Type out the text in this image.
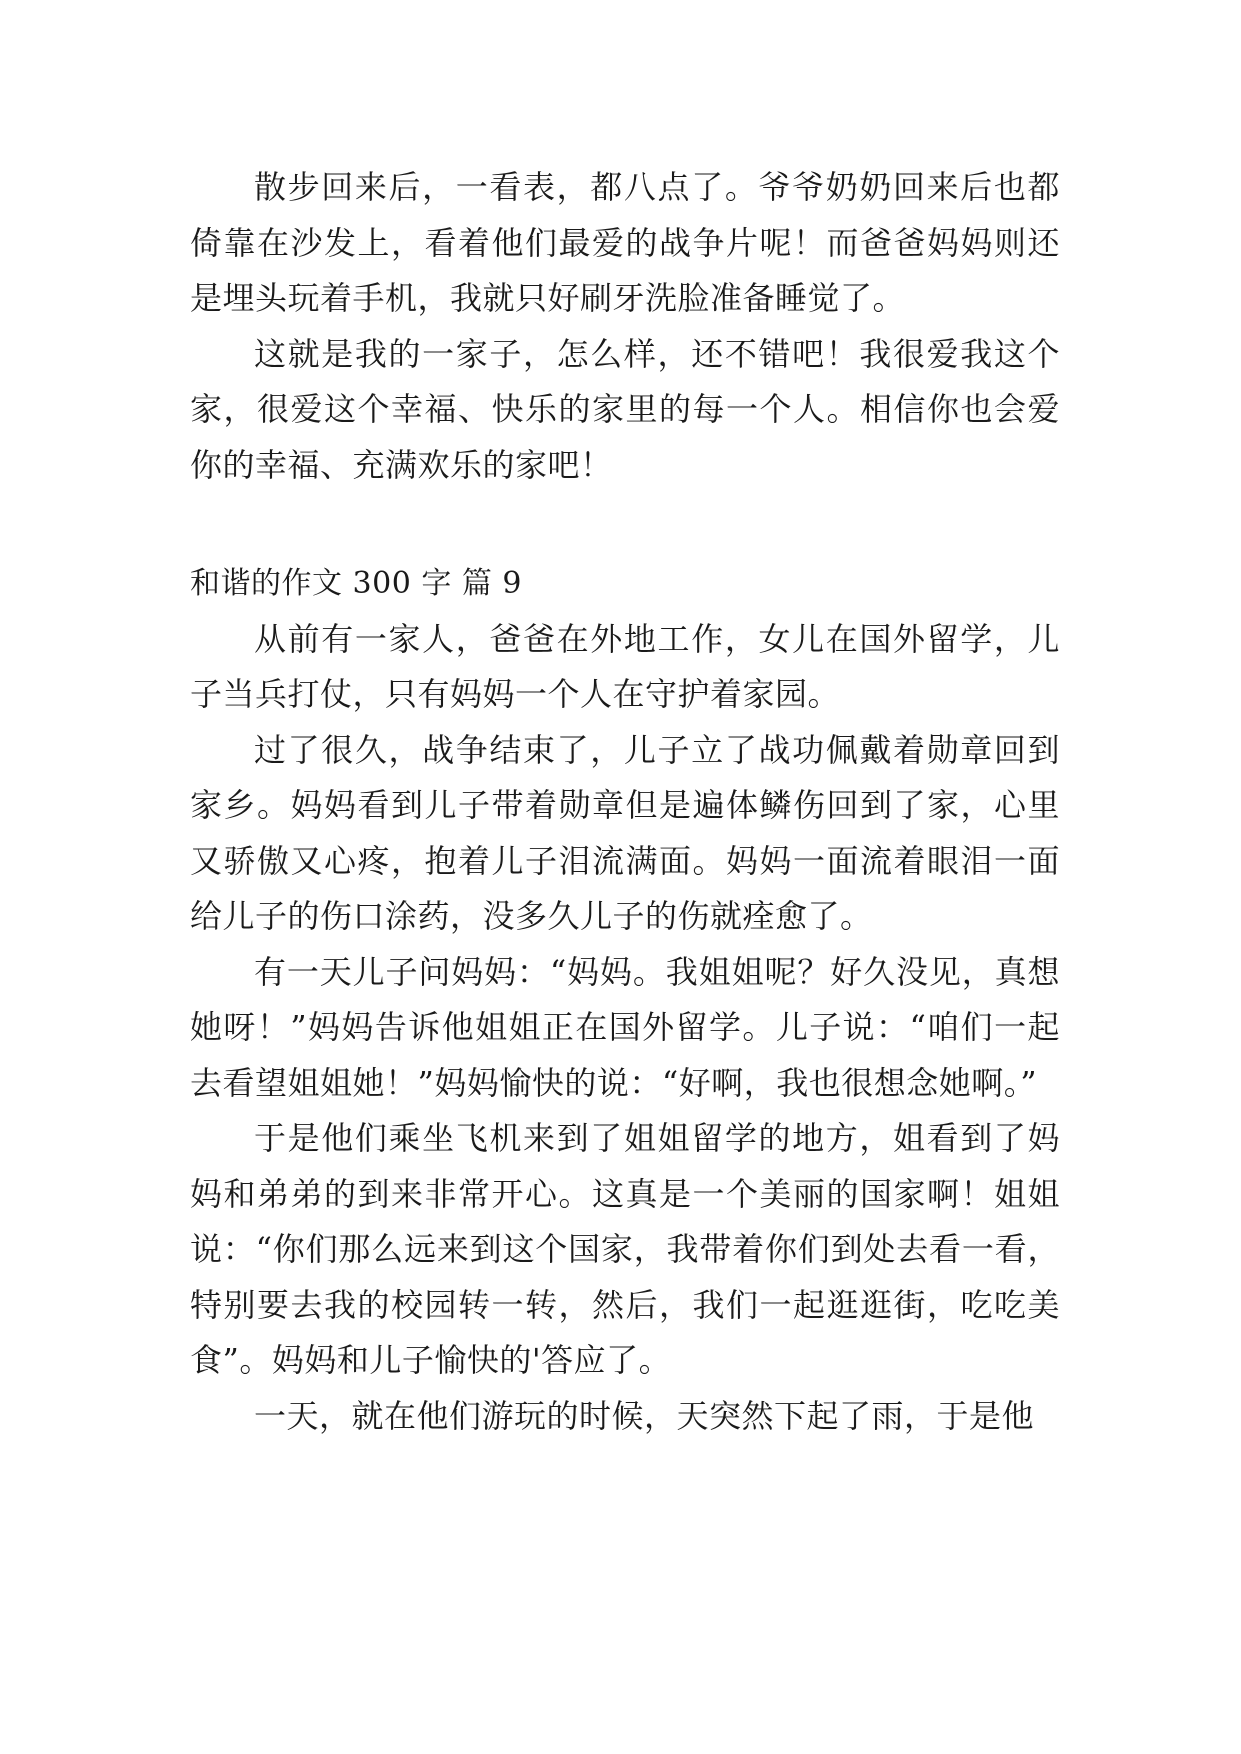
散步回来后，一看表，都八点了。爷爷奶奶回来后也都倚靠在沙发上，看着他们最爱的战争片呢！而爸爸妈妈则还是埋头玩着手机，我就只好刷牙洗脸准备睡觉了。

这就是我的一家子，怎么样，还不错吧！我很爱我这个家，很爱这个幸福、快乐的家里的每一个人。相信你也会爱你的幸福、充满欢乐的家吧！

和谐的作文 300 字 篇 9

从前有一家人，爸爸在外地工作，女儿在国外留学，儿子当兵打仗，只有妈妈一个人在守护着家园。

过了很久，战争结束了，儿子立了战功佩戴着勋章回到家乡。妈妈看到儿子带着勋章但是遍体鳞伤回到了家，心里又骄傲又心疼，抱着儿子泪流满面。妈妈一面流着眼泪一面给儿子的伤口涂药，没多久儿子的伤就痊愈了。

有一天儿子问妈妈：“妈妈。我姐姐呢？好久没见，真想她呀！”妈妈告诉他姐姐正在国外留学。儿子说：“咱们一起去看望姐姐她！”妈妈愉快的说：“好啊，我也很想念她啊。”

于是他们乘坐飞机来到了姐姐留学的地方，姐看到了妈妈和弟弟的到来非常开心。这真是一个美丽的国家啊！姐姐说：“你们那么远来到这个国家，我带着你们到处去看一看，特别要去我的校园转一转，然后，我们一起逛逛街，吃吃美食”。妈妈和儿子愉快的'答应了。

一天，就在他们游玩的时候，天突然下起了雨，于是他
